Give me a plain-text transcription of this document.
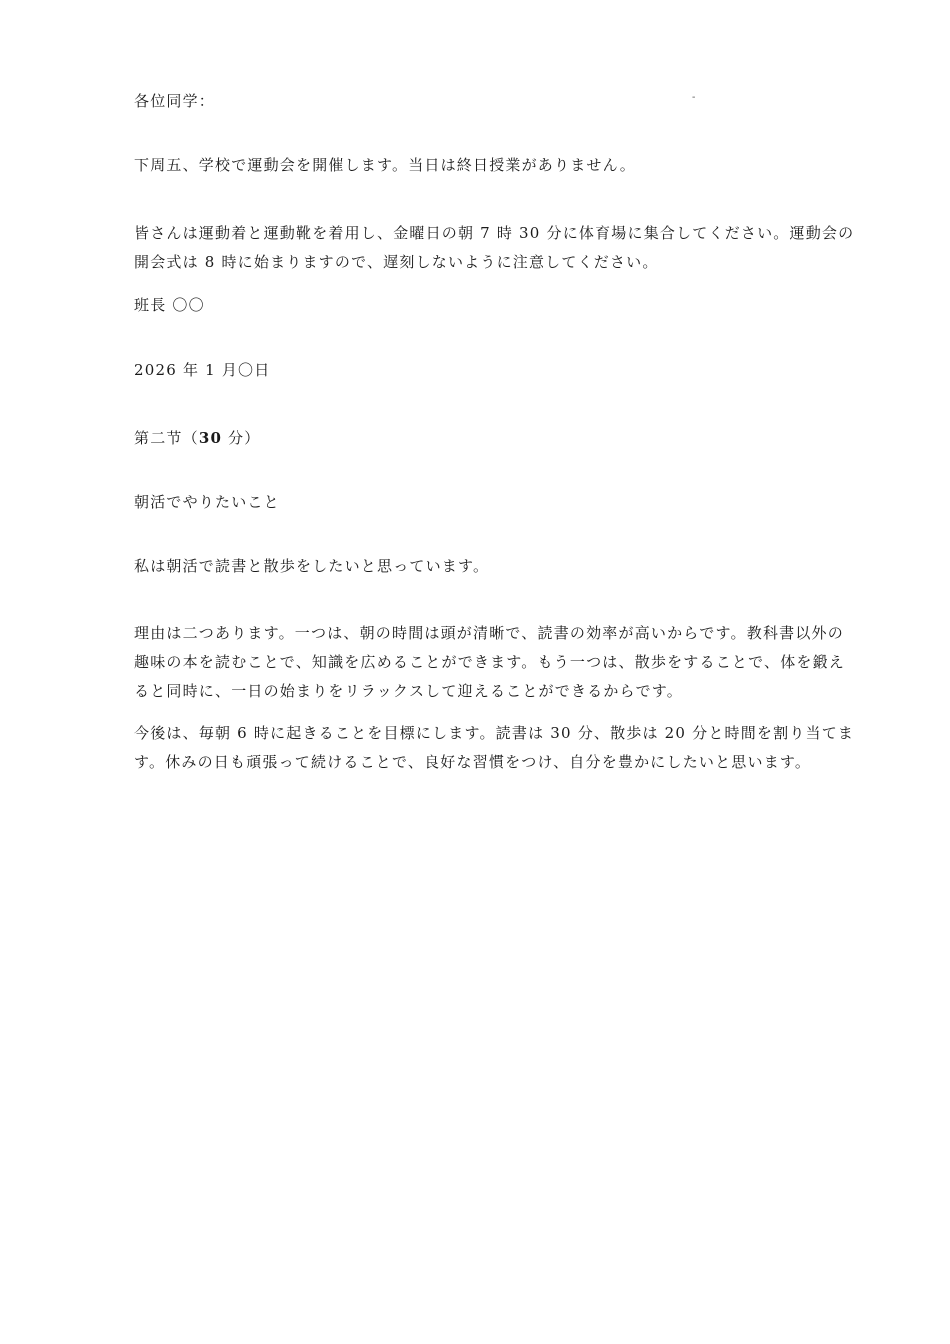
各位同学：	-
下周五、学校で運動会を開催します。当日は終日授業がありません。
皆さんは運動着と運動靴を着用し、金曜日の朝 7 時 30 分に体育場に集合してください。運動会の開会式は 8 時に始まりますので、遅刻しないように注意してください。
班長 〇〇
2026 年 1 月〇日
第二节（30 分）
朝活でやりたいこと
私は朝活で読書と散歩をしたいと思っています。
理由は二つあります。一つは、朝の時間は頭が清晰で、読書の効率が高いからです。教科書以外の趣味の本を読むことで、知識を広めることができます。もう一つは、散歩をすることで、体を鍛えると同時に、一日の始まりをリラックスして迎えることができるからです。
今後は、毎朝 6 時に起きることを目標にします。読書は 30 分、散歩は 20 分と時間を割り当てます。休みの日も頑張って続けることで、良好な習慣をつけ、自分を豊かにしたいと思います。
